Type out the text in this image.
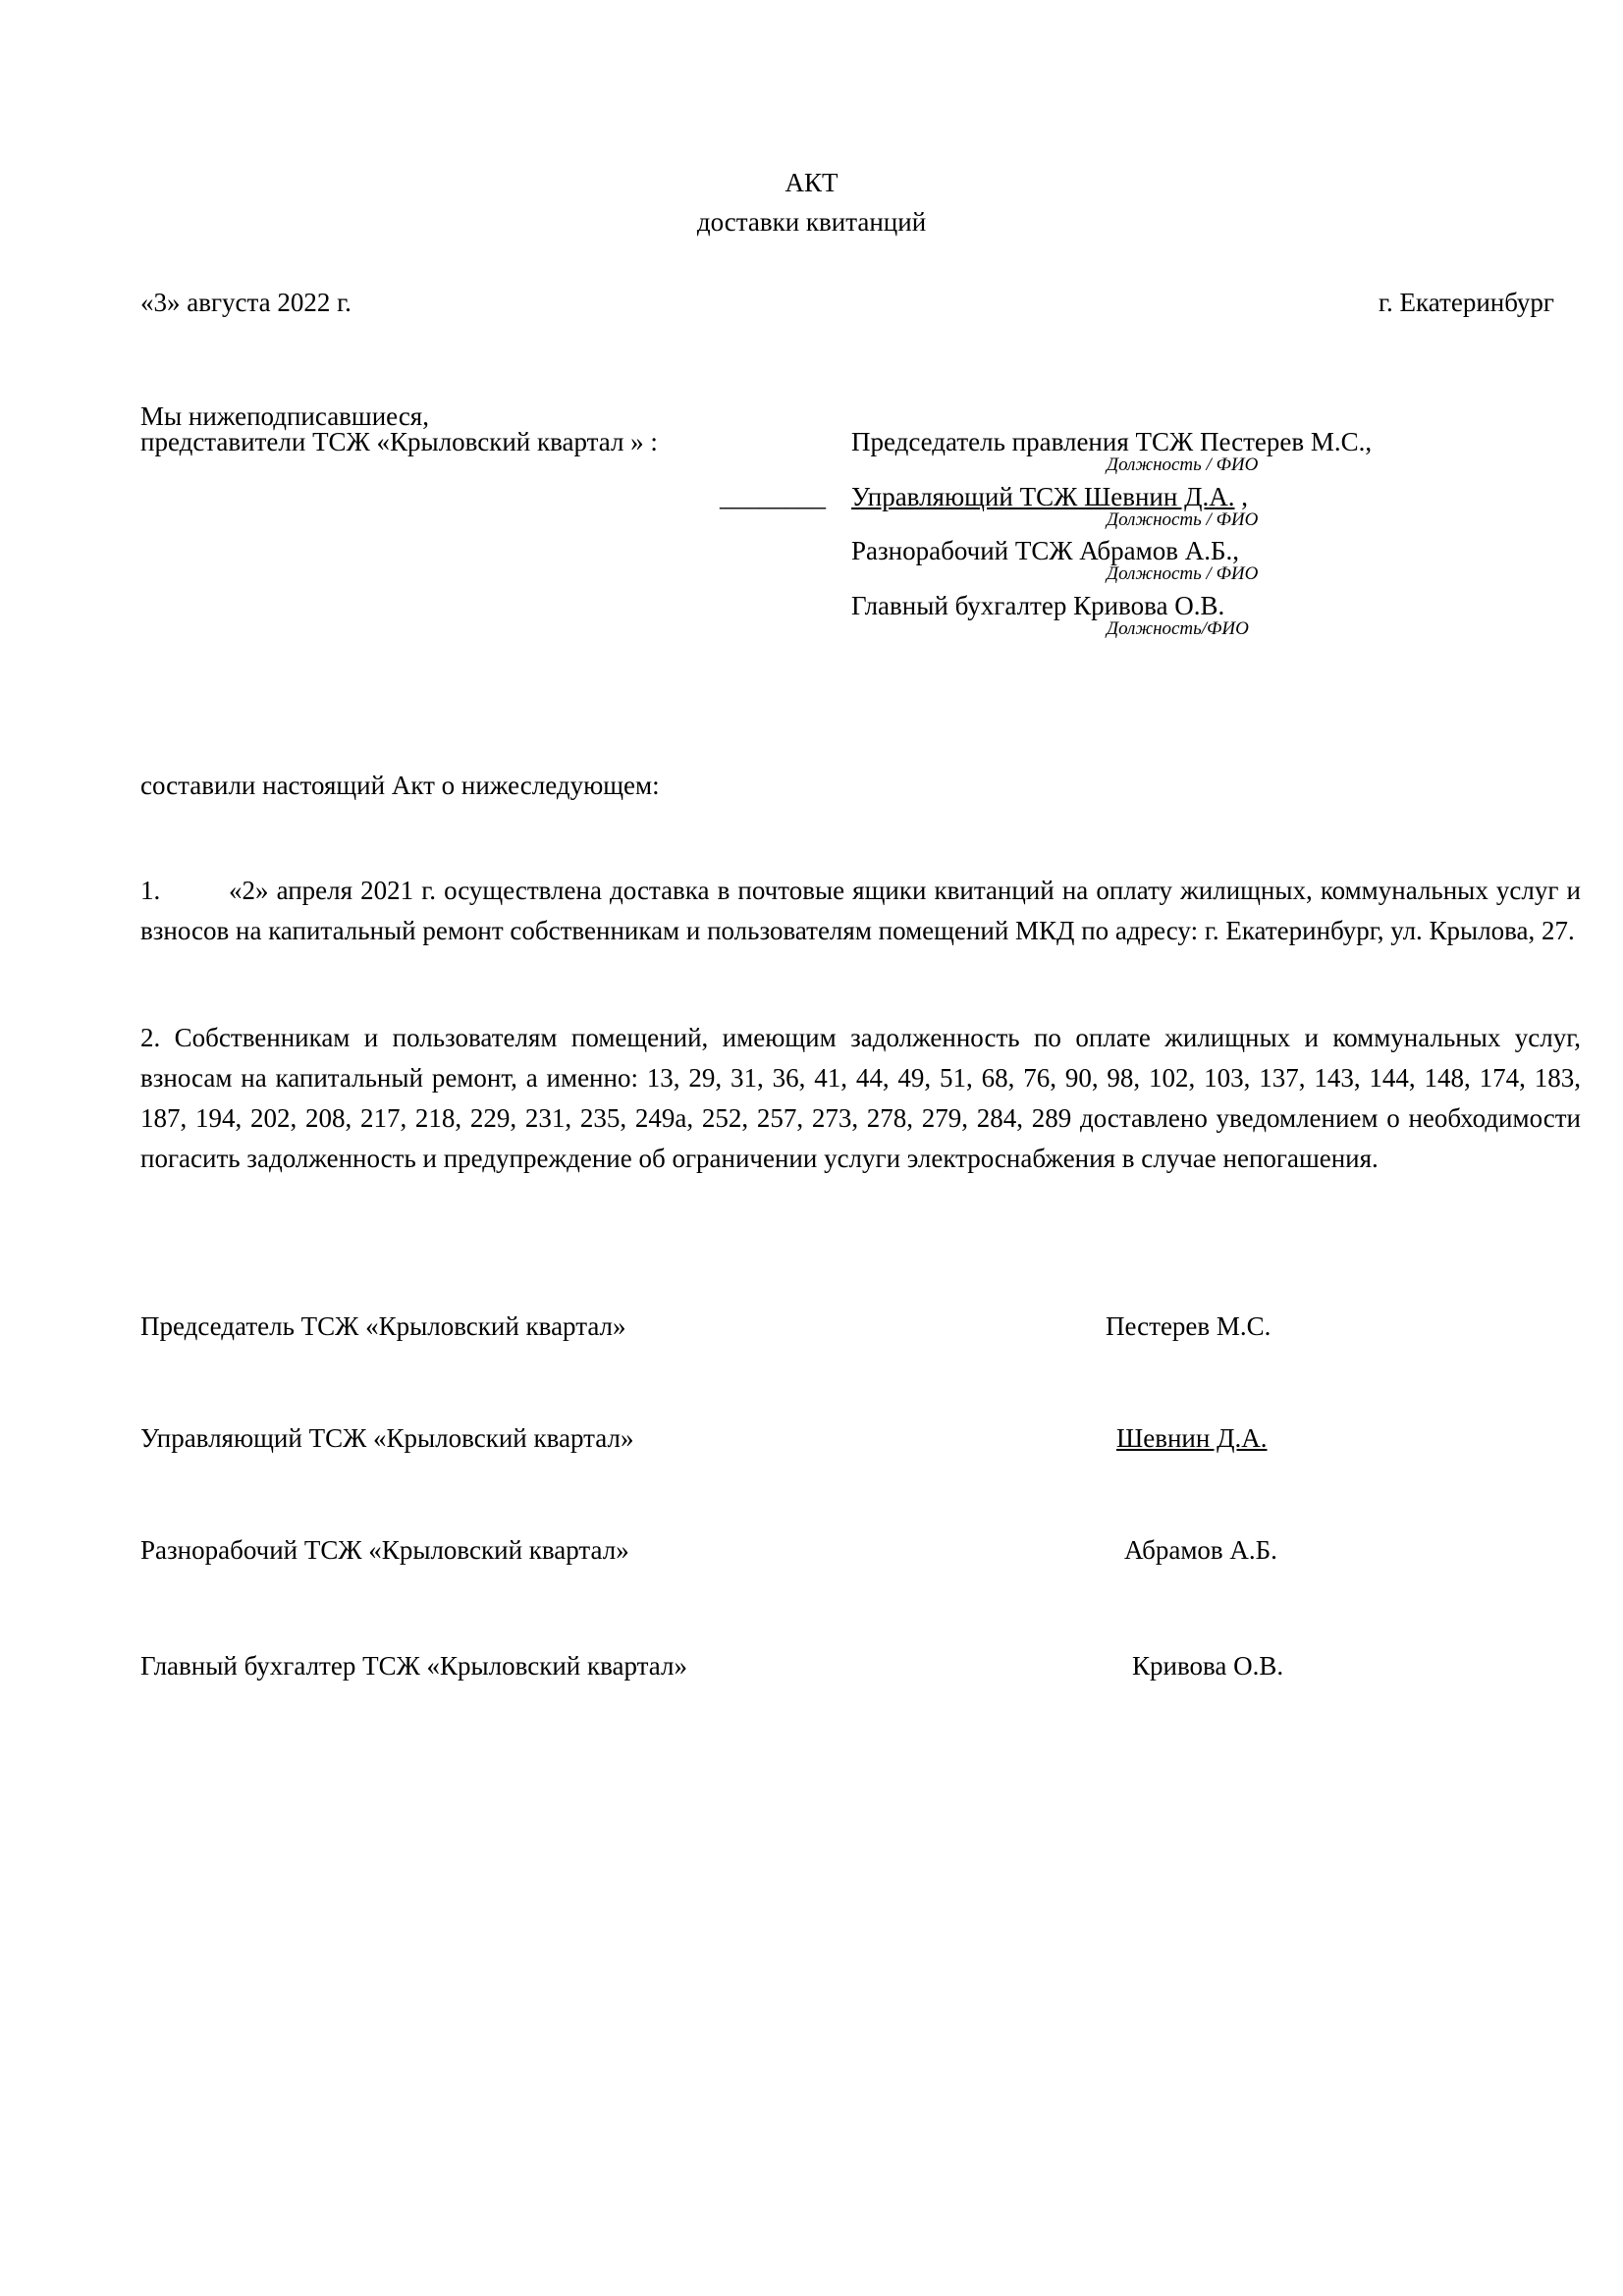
АКТ
доставки квитанций
«3» августа 2022 г.	г. Екатеринбург
Мы нижеподписавшиеся,
представители ТСЖ «Крыловский квартал » :	Председатель правления ТСЖ Пестерев М.С.,
Должность / ФИО
________ Управляющий ТСЖ Шевнин Д.А. ,
Должность / ФИО
Разнорабочий ТСЖ Абрамов А.Б.,
Должность / ФИО
Главный бухгалтер Кривова О.В.
Должность/ФИО
составили настоящий Акт о нижеследующем:
1.	«2» апреля 2021 г. осуществлена доставка в почтовые ящики квитанций на оплату жилищных, коммунальных услуг и взносов на капитальный ремонт собственникам и пользователям помещений МКД по адресу: г. Екатеринбург, ул. Крылова, 27.
2. Собственникам и пользователям помещений, имеющим задолженность по оплате жилищных и коммунальных услуг, взносам на капитальный ремонт, а именно: 13, 29, 31, 36, 41, 44, 49, 51, 68, 76, 90, 98, 102, 103, 137, 143, 144, 148, 174, 183, 187, 194, 202, 208, 217, 218, 229, 231, 235, 249а, 252, 257, 273, 278, 279, 284, 289 доставлено уведомлением о необходимости погасить задолженность и предупреждение об ограничении услуги электроснабжения в случае непогашения.
Председатель ТСЖ «Крыловский квартал»	Пестерев М.С.
Управляющий ТСЖ «Крыловский квартал»	Шевнин Д.А.
Разнорабочий ТСЖ «Крыловский квартал»	Абрамов А.Б.
Главный бухгалтер ТСЖ «Крыловский квартал»	Кривова О.В.
